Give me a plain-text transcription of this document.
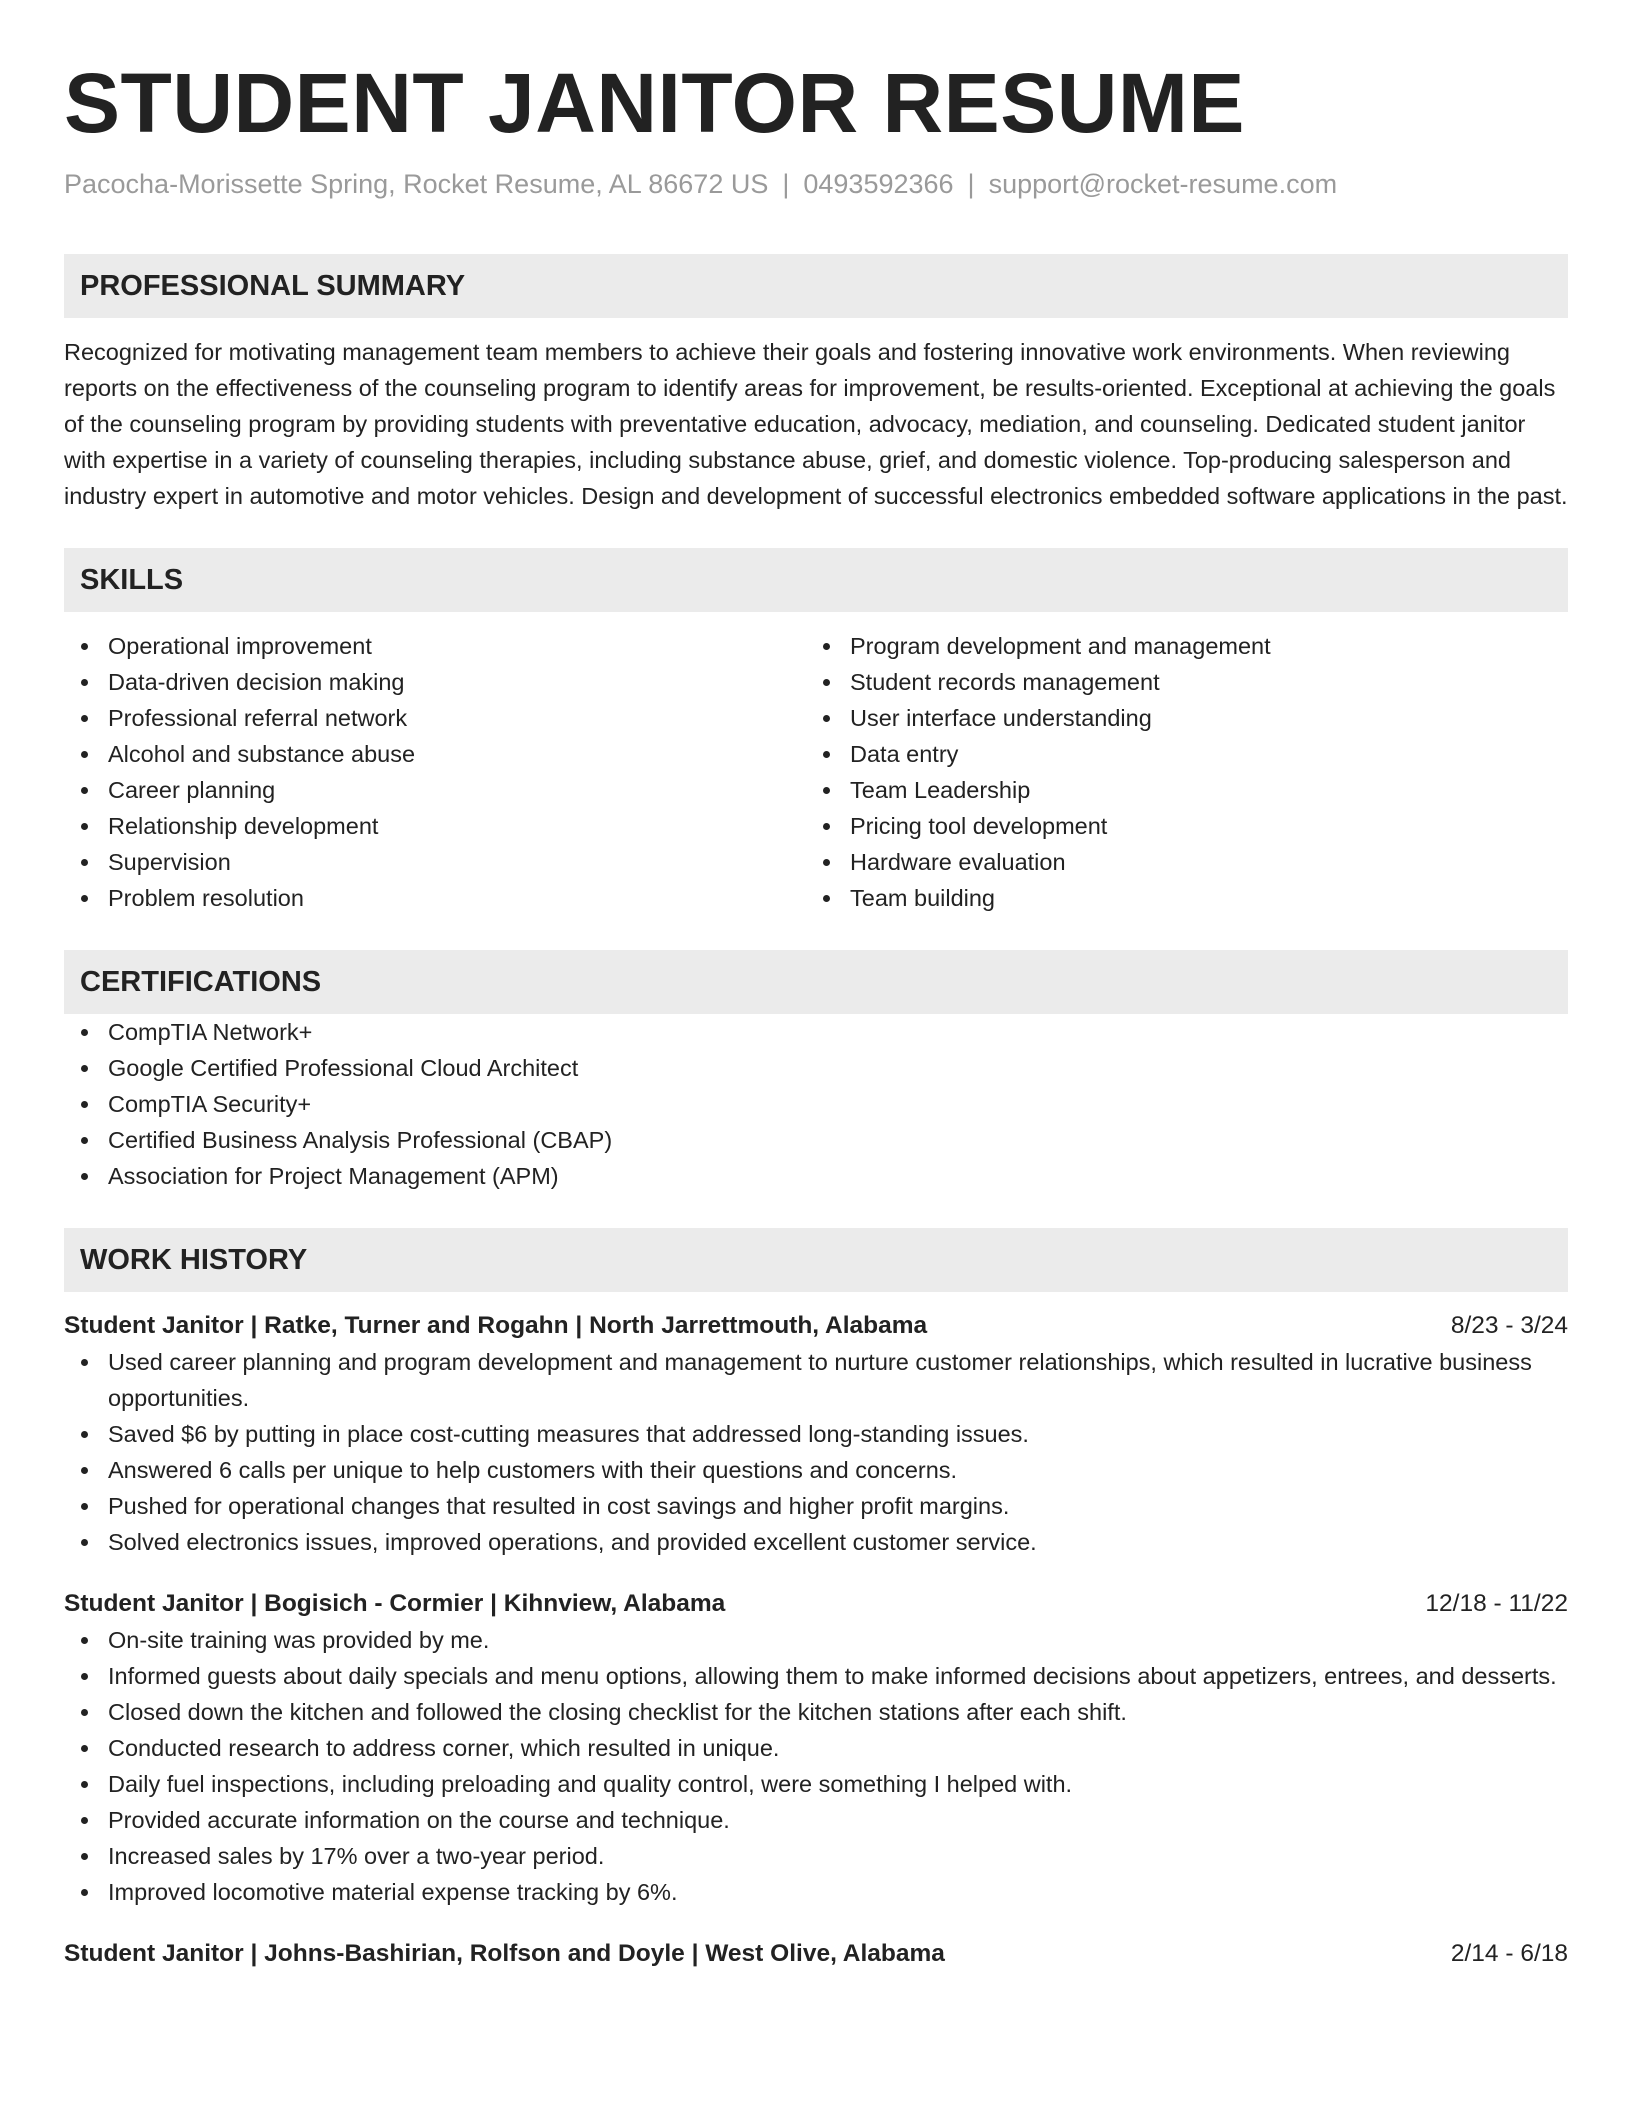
STUDENT JANITOR RESUME
Pacocha-Morissette Spring, Rocket Resume, AL 86672 US | 0493592366 | support@rocket-resume.com
PROFESSIONAL SUMMARY

Recognized for motivating management team members to achieve their goals and fostering innovative work environments. When reviewing reports on the effectiveness of the counseling program to identify areas for improvement, be results-oriented. Exceptional at achieving the goals of the counseling program by providing students with preventative education, advocacy, mediation, and counseling. Dedicated student janitor with expertise in a variety of counseling therapies, including substance abuse, grief, and domestic violence. Top-producing salesperson and industry expert in automotive and motor vehicles. Design and development of successful electronics embedded software applications in the past.

SKILLS
Operational improvement
Data-driven decision making
Professional referral network
Alcohol and substance abuse
Career planning
Relationship development
Supervision
Problem resolution
Program development and management
Student records management
User interface understanding
Data entry
Team Leadership
Pricing tool development
Hardware evaluation
Team building
CERTIFICATIONS
CompTIA Network+
Google Certified Professional Cloud Architect
CompTIA Security+
Certified Business Analysis Professional (CBAP)
Association for Project Management (APM)
WORK HISTORY
Student Janitor | Ratke, Turner and Rogahn | North Jarrettmouth, Alabama	8/23 - 3/24
Used career planning and program development and management to nurture customer relationships, which resulted in lucrative business opportunities.
Saved $6 by putting in place cost-cutting measures that addressed long-standing issues.
Answered 6 calls per unique to help customers with their questions and concerns.
Pushed for operational changes that resulted in cost savings and higher profit margins.
Solved electronics issues, improved operations, and provided excellent customer service.
Student Janitor | Bogisich - Cormier | Kihnview, Alabama	12/18 - 11/22
On-site training was provided by me.
Informed guests about daily specials and menu options, allowing them to make informed decisions about appetizers, entrees, and desserts.
Closed down the kitchen and followed the closing checklist for the kitchen stations after each shift.
Conducted research to address corner, which resulted in unique.
Daily fuel inspections, including preloading and quality control, were something I helped with.
Provided accurate information on the course and technique.
Increased sales by 17% over a two-year period.
Improved locomotive material expense tracking by 6%.
Student Janitor | Johns-Bashirian, Rolfson and Doyle | West Olive, Alabama	2/14 - 6/18
